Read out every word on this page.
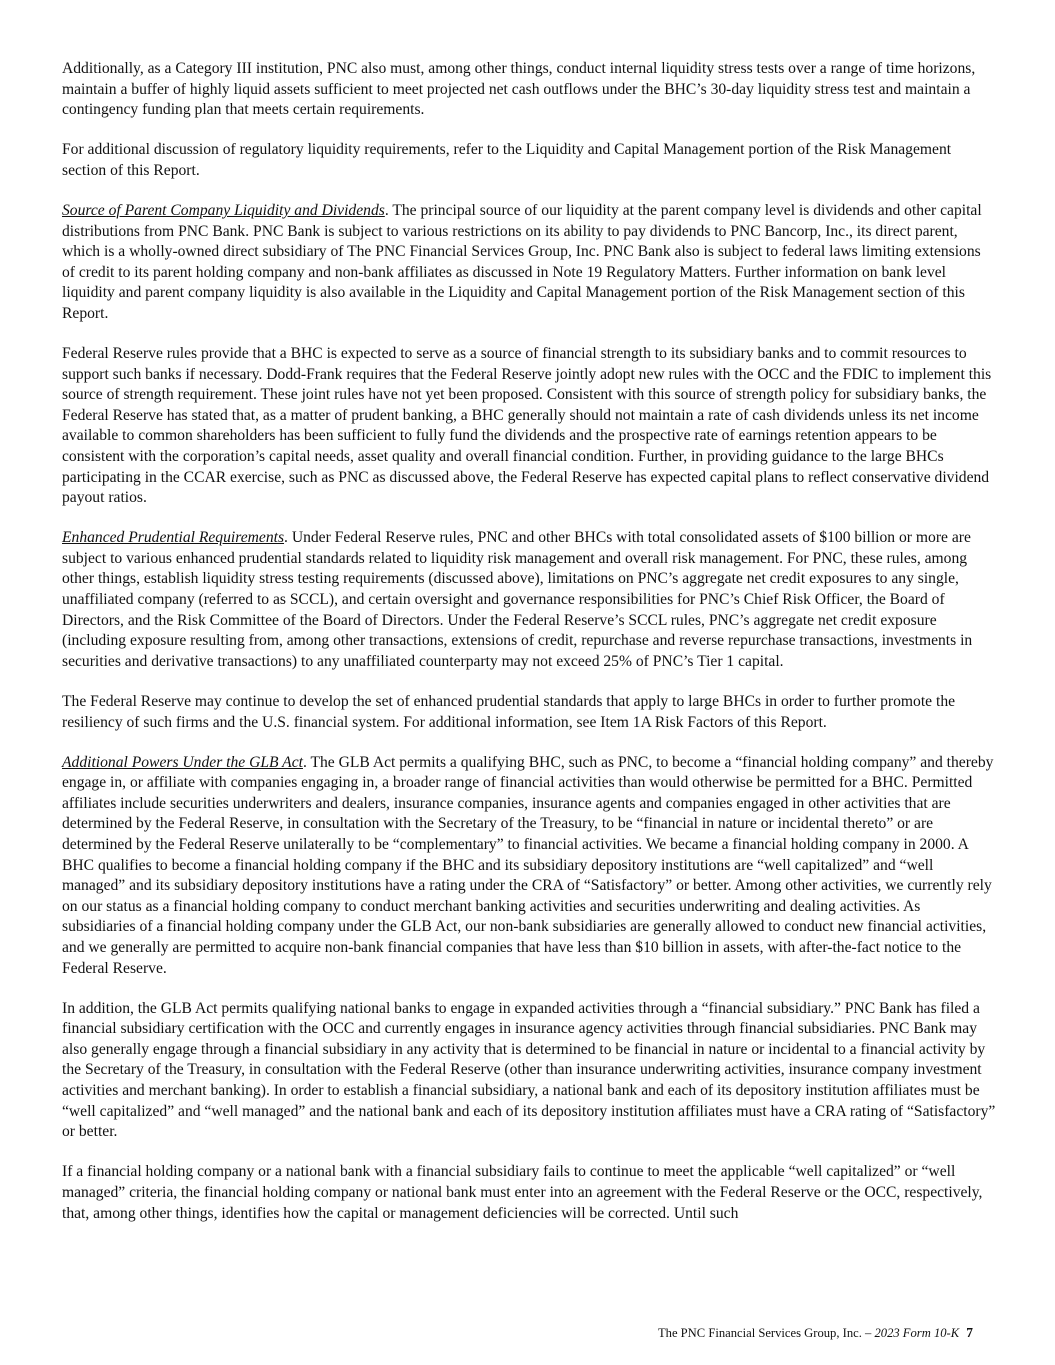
Additionally, as a Category III institution, PNC also must, among other things, conduct internal liquidity stress tests over a range of time horizons, maintain a buffer of highly liquid assets sufficient to meet projected net cash outflows under the BHC’s 30-day liquidity stress test and maintain a contingency funding plan that meets certain requirements.

For additional discussion of regulatory liquidity requirements, refer to the Liquidity and Capital Management portion of the Risk Management section of this Report.

Source of Parent Company Liquidity and Dividends. The principal source of our liquidity at the parent company level is dividends and other capital distributions from PNC Bank. PNC Bank is subject to various restrictions on its ability to pay dividends to PNC Bancorp, Inc., its direct parent, which is a wholly-owned direct subsidiary of The PNC Financial Services Group, Inc. PNC Bank also is subject to federal laws limiting extensions of credit to its parent holding company and non-bank affiliates as discussed in Note 19 Regulatory Matters. Further information on bank level liquidity and parent company liquidity is also available in the Liquidity and Capital Management portion of the Risk Management section of this Report.

Federal Reserve rules provide that a BHC is expected to serve as a source of financial strength to its subsidiary banks and to commit resources to support such banks if necessary. Dodd-Frank requires that the Federal Reserve jointly adopt new rules with the OCC and the FDIC to implement this source of strength requirement. These joint rules have not yet been proposed. Consistent with this source of strength policy for subsidiary banks, the Federal Reserve has stated that, as a matter of prudent banking, a BHC generally should not maintain a rate of cash dividends unless its net income available to common shareholders has been sufficient to fully fund the dividends and the prospective rate of earnings retention appears to be consistent with the corporation’s capital needs, asset quality and overall financial condition. Further, in providing guidance to the large BHCs participating in the CCAR exercise, such as PNC as discussed above, the Federal Reserve has expected capital plans to reflect conservative dividend payout ratios.

Enhanced Prudential Requirements. Under Federal Reserve rules, PNC and other BHCs with total consolidated assets of $100 billion or more are subject to various enhanced prudential standards related to liquidity risk management and overall risk management. For PNC, these rules, among other things, establish liquidity stress testing requirements (discussed above), limitations on PNC’s aggregate net credit exposures to any single, unaffiliated company (referred to as SCCL), and certain oversight and governance responsibilities for PNC’s Chief Risk Officer, the Board of Directors, and the Risk Committee of the Board of Directors. Under the Federal Reserve’s SCCL rules, PNC’s aggregate net credit exposure (including exposure resulting from, among other transactions, extensions of credit, repurchase and reverse repurchase transactions, investments in securities and derivative transactions) to any unaffiliated counterparty may not exceed 25% of PNC’s Tier 1 capital.

The Federal Reserve may continue to develop the set of enhanced prudential standards that apply to large BHCs in order to further promote the resiliency of such firms and the U.S. financial system. For additional information, see Item 1A Risk Factors of this Report.

Additional Powers Under the GLB Act. The GLB Act permits a qualifying BHC, such as PNC, to become a “financial holding company” and thereby engage in, or affiliate with companies engaging in, a broader range of financial activities than would otherwise be permitted for a BHC. Permitted affiliates include securities underwriters and dealers, insurance companies, insurance agents and companies engaged in other activities that are determined by the Federal Reserve, in consultation with the Secretary of the Treasury, to be “financial in nature or incidental thereto” or are determined by the Federal Reserve unilaterally to be “complementary” to financial activities. We became a financial holding company in 2000. A BHC qualifies to become a financial holding company if the BHC and its subsidiary depository institutions are “well capitalized” and “well managed” and its subsidiary depository institutions have a rating under the CRA of “Satisfactory” or better. Among other activities, we currently rely on our status as a financial holding company to conduct merchant banking activities and securities underwriting and dealing activities. As subsidiaries of a financial holding company under the GLB Act, our non-bank subsidiaries are generally allowed to conduct new financial activities, and we generally are permitted to acquire non-bank financial companies that have less than $10 billion in assets, with after-the-fact notice to the Federal Reserve.

In addition, the GLB Act permits qualifying national banks to engage in expanded activities through a “financial subsidiary.” PNC Bank has filed a financial subsidiary certification with the OCC and currently engages in insurance agency activities through financial subsidiaries. PNC Bank may also generally engage through a financial subsidiary in any activity that is determined to be financial in nature or incidental to a financial activity by the Secretary of the Treasury, in consultation with the Federal Reserve (other than insurance underwriting activities, insurance company investment activities and merchant banking). In order to establish a financial subsidiary, a national bank and each of its depository institution affiliates must be “well capitalized” and “well managed” and the national bank and each of its depository institution affiliates must have a CRA rating of “Satisfactory” or better.

If a financial holding company or a national bank with a financial subsidiary fails to continue to meet the applicable “well capitalized” or “well managed” criteria, the financial holding company or national bank must enter into an agreement with the Federal Reserve or the OCC, respectively, that, among other things, identifies how the capital or management deficiencies will be corrected. Until such

The PNC Financial Services Group, Inc. – 2023 Form 10-K 7
